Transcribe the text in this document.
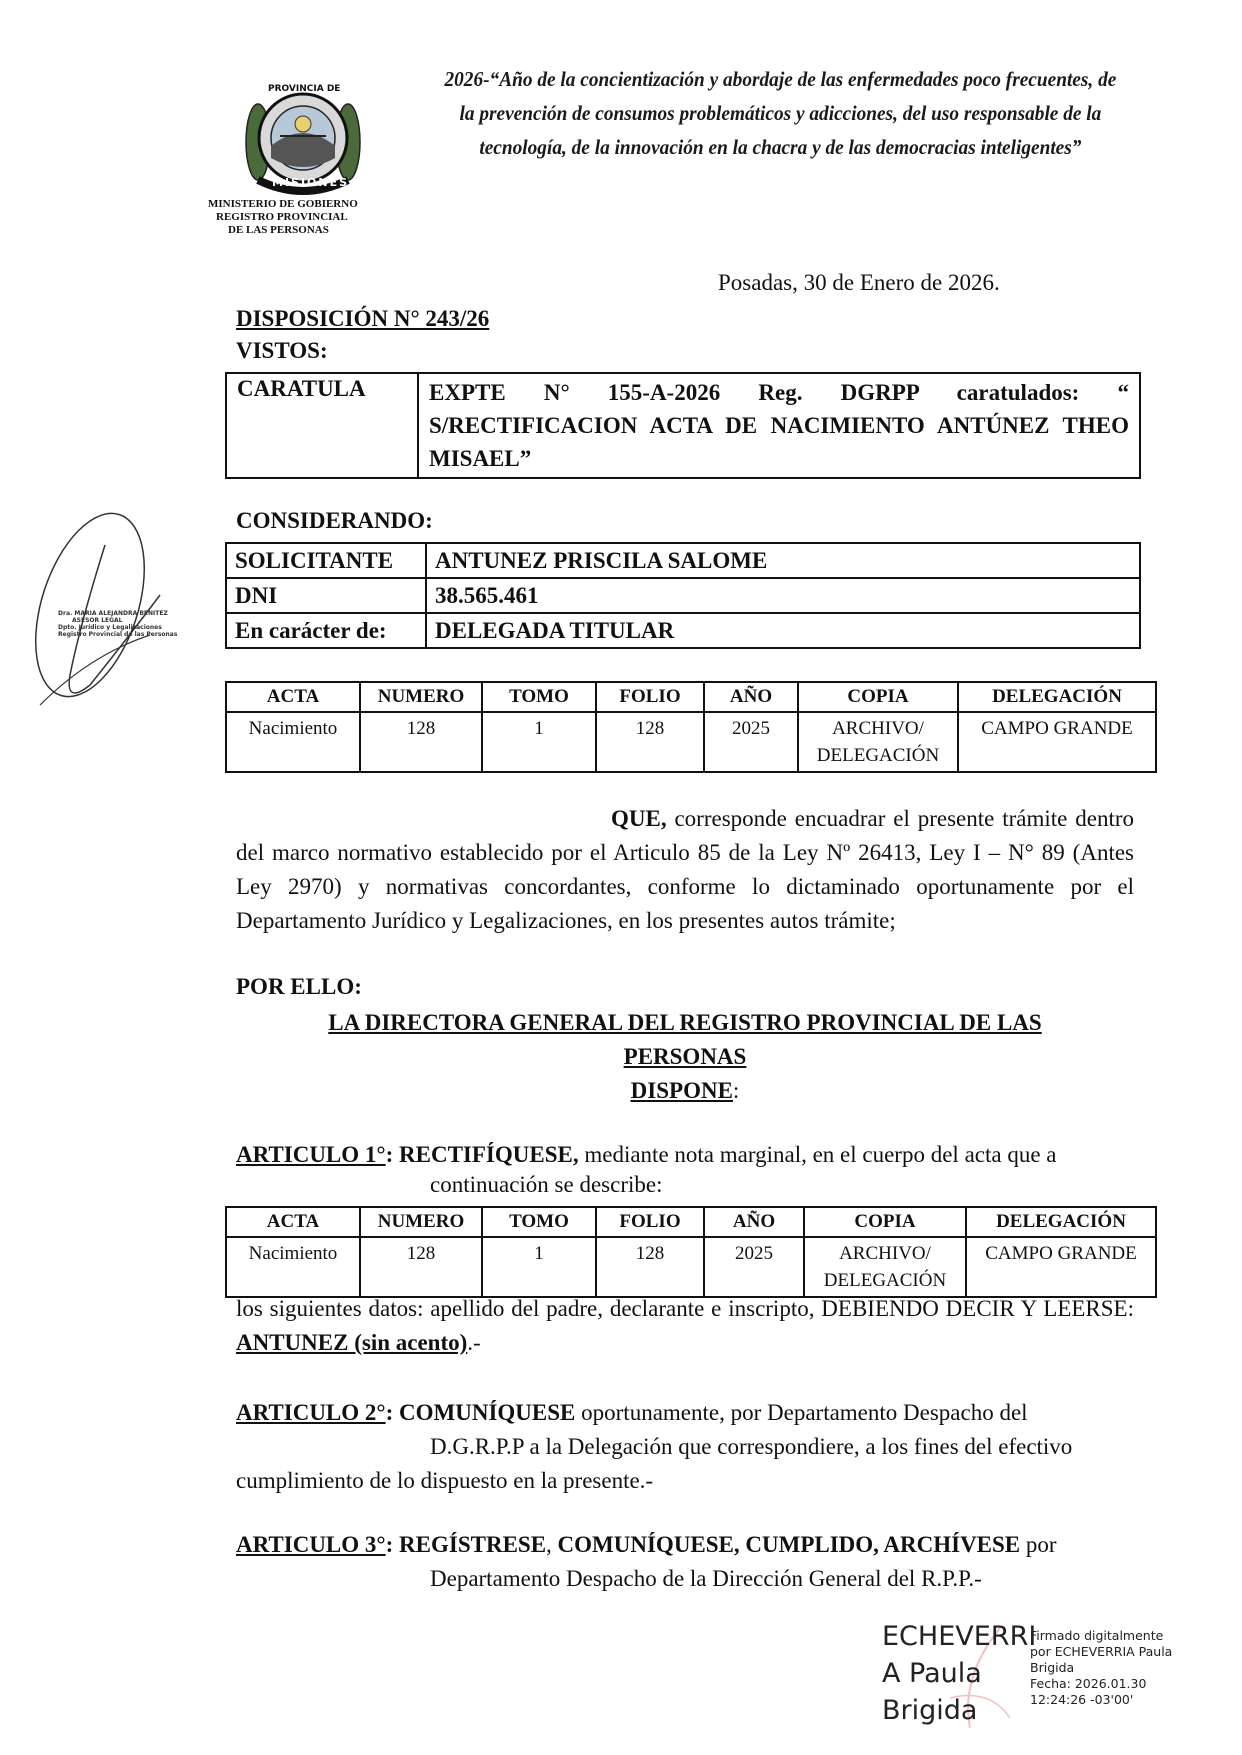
PROVINCIA DE
MISIONES
MINISTERIO DE GOBIERNO
REGISTRO PROVINCIAL
DE LAS PERSONAS
2026-“Año de la concientización y abordaje de las enfermedades poco frecuentes, de la prevención de consumos problemáticos y adicciones, del uso responsable de la tecnología, de la innovación en la chacra y de las democracias inteligentes”
Dra. MARIA ALEJANDRA BENITEZ
ASESOR LEGAL
Dpto. Jurídico y Legalizaciones
Registro Provincial de las Personas
Posadas, 30 de Enero de 2026.
DISPOSICIÓN N° 243/26
VISTOS:
CARATULA	EXPTE N° 155-A-2026 Reg. DGRPP caratulados: “ S/RECTIFICACION ACTA DE NACIMIENTO ANTÚNEZ THEO MISAEL”
CONSIDERANDO:
SOLICITANTE	ANTUNEZ PRISCILA SALOME
DNI	38.565.461
En carácter de:	DELEGADA TITULAR
ACTA	NUMERO	TOMO	FOLIO	AÑO	COPIA	DELEGACIÓN
Nacimiento	128	1	128	2025	ARCHIVO/ DELEGACIÓN	CAMPO GRANDE
QUE, corresponde encuadrar el presente trámite dentro del marco normativo establecido por el Articulo 85 de la Ley Nº 26413, Ley I – N° 89 (Antes Ley 2970) y normativas concordantes, conforme lo dictaminado oportunamente por el Departamento Jurídico y Legalizaciones, en los presentes autos trámite;
POR ELLO:
LA DIRECTORA GENERAL DEL REGISTRO PROVINCIAL DE LAS
PERSONAS
DISPONE:
ARTICULO 1°: RECTIFÍQUESE, mediante nota marginal, en el cuerpo del acta que a
continuación se describe:
ACTA	NUMERO	TOMO	FOLIO	AÑO	COPIA	DELEGACIÓN
Nacimiento	128	1	128	2025	ARCHIVO/ DELEGACIÓN	CAMPO GRANDE
los siguientes datos: apellido del padre, declarante e inscripto, DEBIENDO DECIR Y LEERSE: ANTUNEZ (sin acento).-
ARTICULO 2°: COMUNÍQUESE oportunamente, por Departamento Despacho del
D.G.R.P.P a la Delegación que correspondiere, a los fines del efectivo
cumplimiento de lo dispuesto en la presente.-
ARTICULO 3°: REGÍSTRESE, COMUNÍQUESE, CUMPLIDO, ARCHÍVESE por
Departamento Despacho de la Dirección General del R.P.P.-
ECHEVERRI
A Paula
Brigida
Firmado digitalmente
por ECHEVERRIA Paula
Brigida
Fecha: 2026.01.30
12:24:26 -03'00'
